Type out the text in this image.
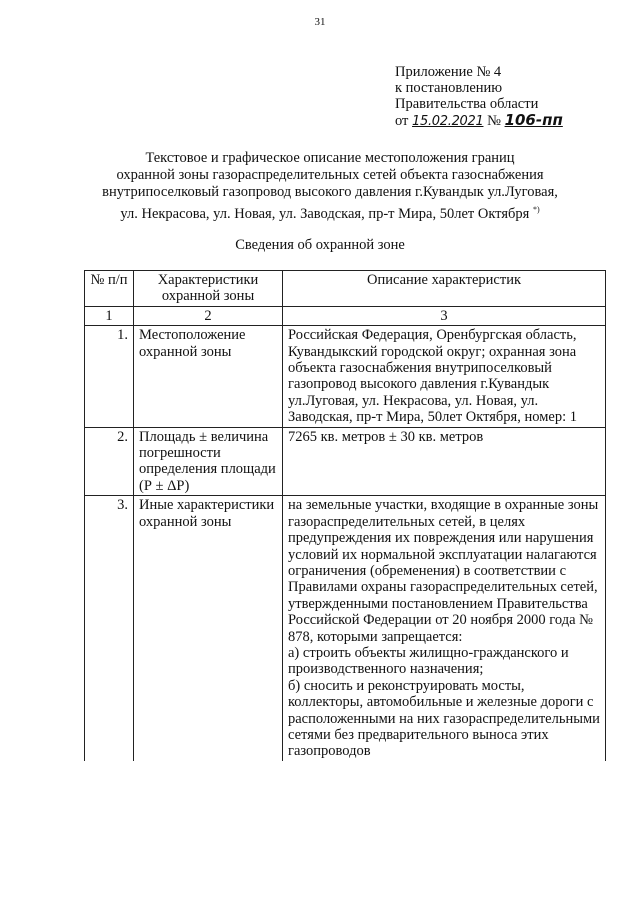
31
Приложение № 4
к постановлению
Правительства области
от 15.02.2021 № 106-пп
Текстовое и графическое описание местоположения границ
охранной зоны газораспределительных сетей объекта газоснабжения
внутрипоселковый газопровод высокого давления г.Кувандык ул.Луговая,
ул. Некрасова, ул. Новая, ул. Заводская, пр-т Мира, 50лет Октября *)
Сведения об охранной зоне
№ п/п	Характеристики охранной зоны	Описание характеристик
1	2	3
1.	Местоположение охранной зоны	Российская Федерация, Оренбургская область, Кувандыкский городской округ; охранная зона объекта газоснабжения внутрипоселковый газопровод высокого давления г.Кувандык ул.Луговая, ул. Некрасова, ул. Новая, ул. Заводская, пр-т Мира, 50лет Октября, номер: 1
2.	Площадь ± величина погрешности определения площади (Р ± ΔР)	7265 кв. метров ± 30 кв. метров
3.	Иные характеристики охранной зоны	на земельные участки, входящие в охранные зоны газораспределительных сетей, в целях предупреждения их повреждения или нарушения условий их нормальной эксплуатации налагаются ограничения (обременения) в соответствии с Правилами охраны газораспределительных сетей, утвержденными постановлением Правительства Российской Федерации от 20 ноября 2000 года № 878, которыми запрещается:
а) строить объекты жилищно-гражданского и производственного назначения;
б) сносить и реконструировать мосты, коллекторы, автомобильные и железные дороги с расположенными на них газораспределительными сетями без предварительного выноса этих газопроводов
